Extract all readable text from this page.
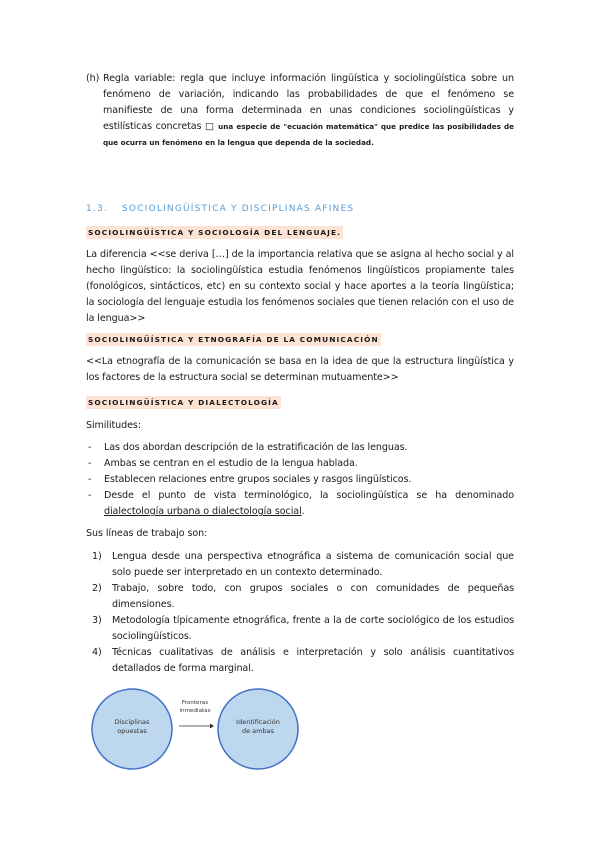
(h) Regla variable: regla que incluye información lingüística y sociolingüística sobre un fenómeno de variación, indicando las probabilidades de que el fenómeno se manifieste de una forma determinada en unas condiciones sociolingüísticas y estilísticas concretas □ una especie de "ecuación matemática" que predice las posibilidades de que ocurra un fenómeno en la lengua que dependa de la sociedad.
1.3. SOCIOLINGÜÍSTICA Y DISCIPLINAS AFINES
SOCIOLINGÜÍSTICA Y SOCIOLOGÍA DEL LENGUAJE.

La diferencia <<se deriva […] de la importancia relativa que se asigna al hecho social y al hecho lingüístico: la sociolingüística estudia fenómenos lingüísticos propiamente tales (fonológicos, sintácticos, etc) en su contexto social y hace aportes a la teoría lingüística; la sociología del lenguaje estudia los fenómenos sociales que tienen relación con el uso de la lengua>>

SOCIOLINGÜÍSTICA Y ETNOGRAFÍA DE LA COMUNICACIÓN

<<La etnografía de la comunicación se basa en la idea de que la estructura lingüística y los factores de la estructura social se determinan mutuamente>>

SOCIOLINGÜÍSTICA Y DIALECTOLOGÍA

Similitudes:

- Las dos abordan descripción de la estratificación de las lenguas.
- Ambas se centran en el estudio de la lengua hablada.
- Establecen relaciones entre grupos sociales y rasgos lingüísticos.
- Desde el punto de vista terminológico, la sociolingüística se ha denominado dialectología urbana o dialectología social.

Sus líneas de trabajo son:

1) Lengua desde una perspectiva etnográfica a sistema de comunicación social que solo puede ser interpretado en un contexto determinado.
2) Trabajo, sobre todo, con grupos sociales o con comunidades de pequeñas dimensiones.
3) Metodología típicamente etnográfica, frente a la de corte sociológico de los estudios sociolingüísticos.
4) Técnicas cualitativas de análisis e interpretación y solo análisis cuantitativos detallados de forma marginal.
Disciplinas
opuestas
Identificación
de ambas
Fronteras
inmediatas
